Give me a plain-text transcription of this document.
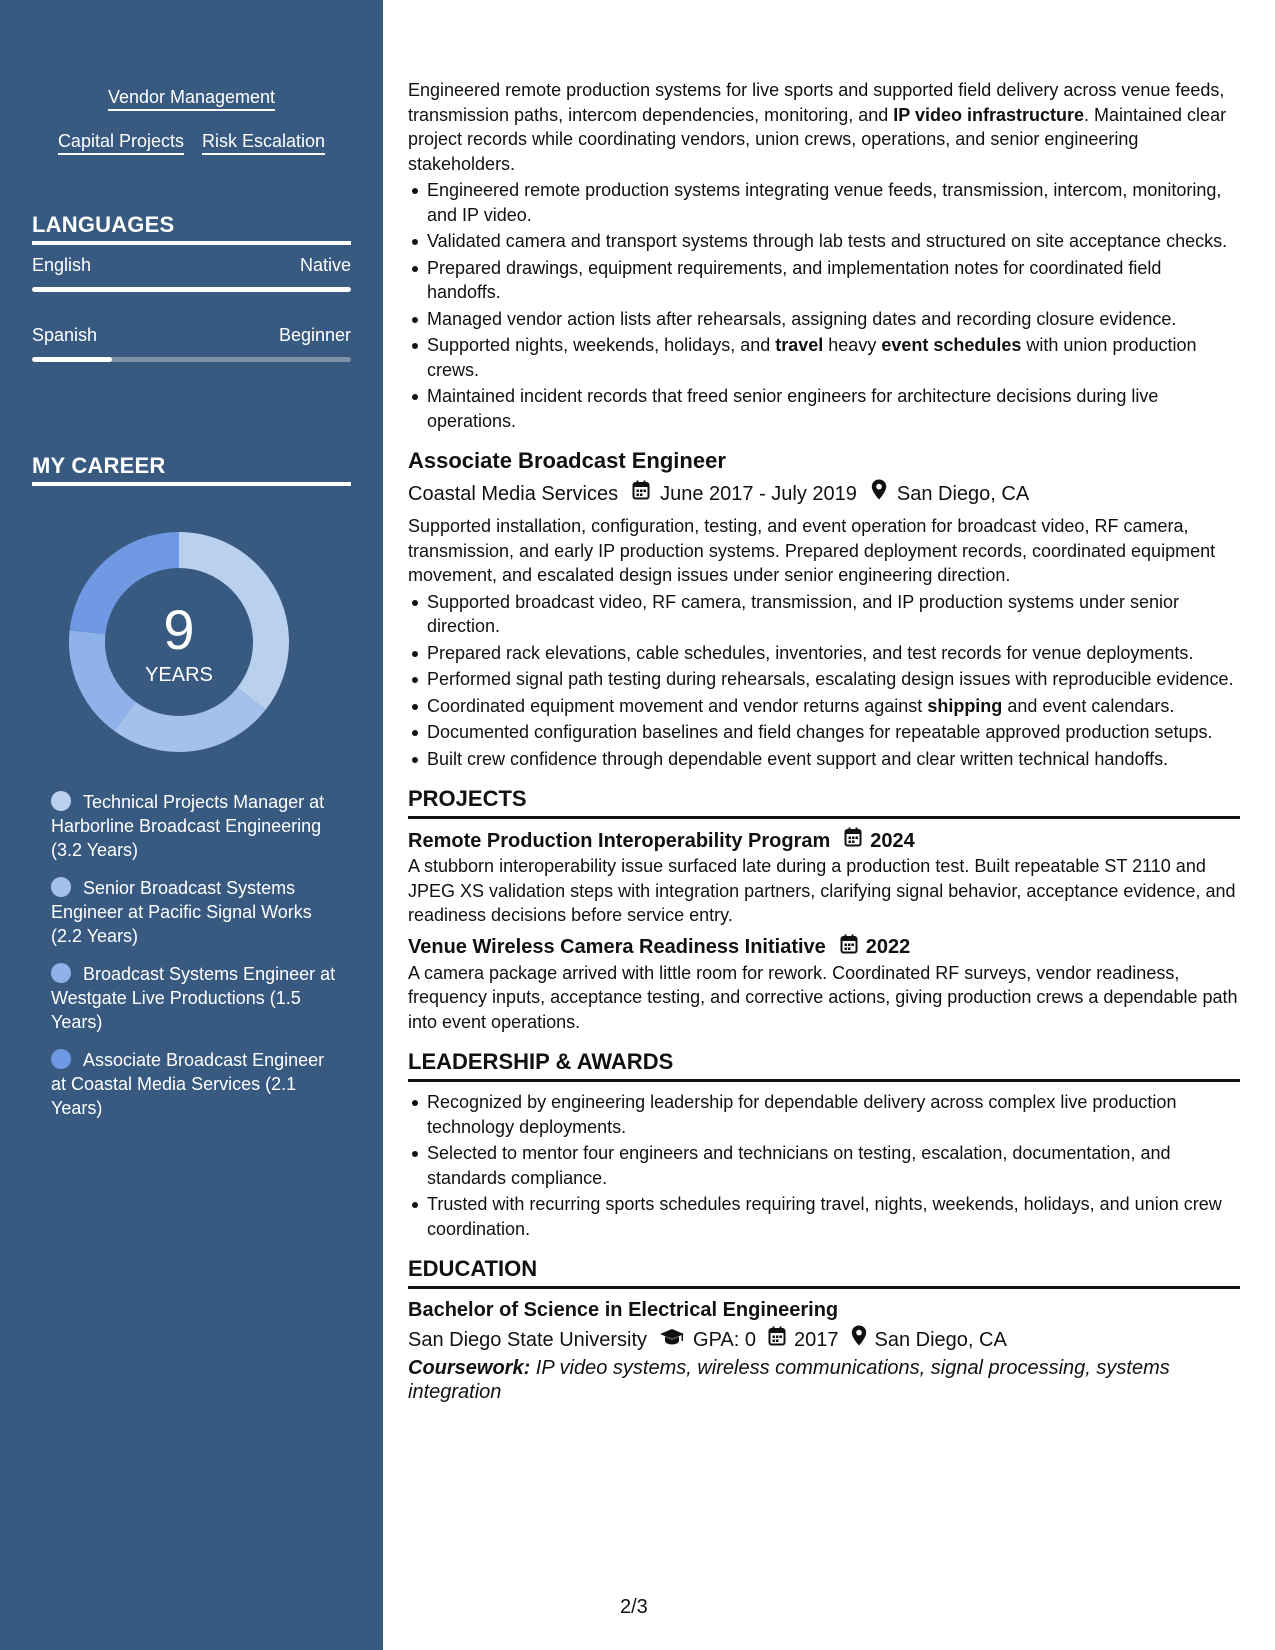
Vendor Management
Capital Projects Risk Escalation
LANGUAGES
English	Native
Spanish	Beginner
MY CAREER
9
YEARS
Technical Projects Manager at Harborline Broadcast Engineering (3.2 Years)
Senior Broadcast Systems Engineer at Pacific Signal Works (2.2 Years)
Broadcast Systems Engineer at Westgate Live Productions (1.5 Years)
Associate Broadcast Engineer at Coastal Media Services (2.1 Years)

Engineered remote production systems for live sports and supported field delivery across venue feeds, transmission paths, intercom dependencies, monitoring, and IP video infrastructure. Maintained clear project records while coordinating vendors, union crews, operations, and senior engineering stakeholders.

Engineered remote production systems integrating venue feeds, transmission, intercom, monitoring, and IP video.
Validated camera and transport systems through lab tests and structured on site acceptance checks.
Prepared drawings, equipment requirements, and implementation notes for coordinated field handoffs.
Managed vendor action lists after rehearsals, assigning dates and recording closure evidence.
Supported nights, weekends, holidays, and travel heavy event schedules with union production crews.
Maintained incident records that freed senior engineers for architecture decisions during live operations.
Associate Broadcast Engineer
Coastal Media Services June 2017 - July 2019 San Diego, CA

Supported installation, configuration, testing, and event operation for broadcast video, RF camera, transmission, and early IP production systems. Prepared deployment records, coordinated equipment movement, and escalated design issues under senior engineering direction.

Supported broadcast video, RF camera, transmission, and IP production systems under senior direction.
Prepared rack elevations, cable schedules, inventories, and test records for venue deployments.
Performed signal path testing during rehearsals, escalating design issues with reproducible evidence.
Coordinated equipment movement and vendor returns against shipping and event calendars.
Documented configuration baselines and field changes for repeatable approved production setups.
Built crew confidence through dependable event support and clear written technical handoffs.
PROJECTS
Remote Production Interoperability Program 2024

A stubborn interoperability issue surfaced late during a production test. Built repeatable ST 2110 and JPEG XS validation steps with integration partners, clarifying signal behavior, acceptance evidence, and readiness decisions before service entry.

Venue Wireless Camera Readiness Initiative 2022

A camera package arrived with little room for rework. Coordinated RF surveys, vendor readiness, frequency inputs, acceptance testing, and corrective actions, giving production crews a dependable path into event operations.

LEADERSHIP & AWARDS
Recognized by engineering leadership for dependable delivery across complex live production technology deployments.
Selected to mentor four engineers and technicians on testing, escalation, documentation, and standards compliance.
Trusted with recurring sports schedules requiring travel, nights, weekends, holidays, and union crew coordination.
EDUCATION
Bachelor of Science in Electrical Engineering
San Diego State University GPA: 0 2017 San Diego, CA

Coursework: IP video systems, wireless communications, signal processing, systems integration

2/3
